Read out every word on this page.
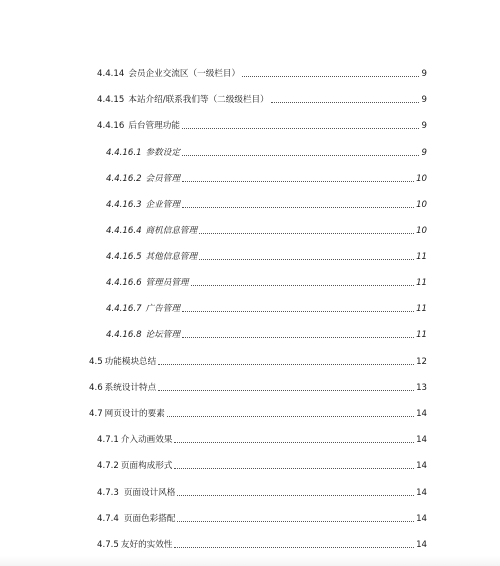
4.4.14 会员企业交流区（一级栏目）	9
4.4.15 本站介绍/联系我们等（二级级栏目）	9
4.4.16 后台管理功能	9
4.4.16.1 参数设定	9
4.4.16.2 会员管理	10
4.4.16.3 企业管理	10
4.4.16.4 商机信息管理	10
4.4.16.5 其他信息管理	11
4.4.16.6 管理员管理	11
4.4.16.7 广告管理	11
4.4.16.8 论坛管理	11
4.5 功能模块总结	12
4.6 系统设计特点	13
4.7 网页设计的要素	14
4.7.1 介入动画效果	14
4.7.2 页面构成形式	14
4.7.3 页面设计风格	14
4.7.4 页面色彩搭配	14
4.7.5 友好的实效性	14
